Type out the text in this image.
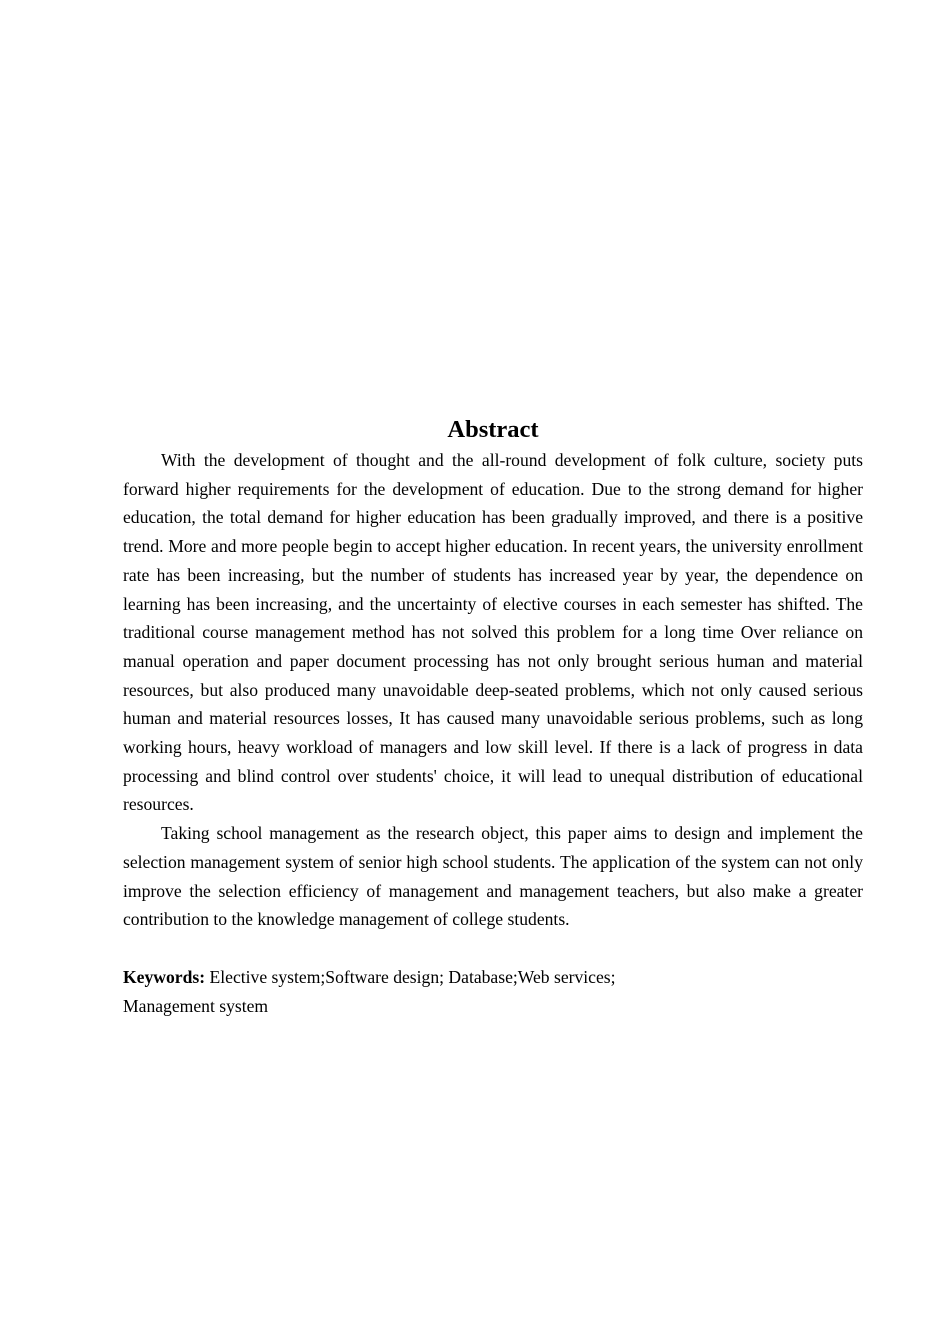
Abstract

With the development of thought and the all-round development of folk culture, society puts forward higher requirements for the development of education. Due to the strong demand for higher education, the total demand for higher education has been gradually improved, and there is a positive trend. More and more people begin to accept higher education. In recent years, the university enrollment rate has been increasing, but the number of students has increased year by year, the dependence on learning has been increasing, and the uncertainty of elective courses in each semester has shifted. The traditional course management method has not solved this problem for a long time Over reliance on manual operation and paper document processing has not only brought serious human and material resources, but also produced many unavoidable deep-seated problems, which not only caused serious human and material resources losses, It has caused many unavoidable serious problems, such as long working hours, heavy workload of managers and low skill level. If there is a lack of progress in data processing and blind control over students' choice, it will lead to unequal distribution of educational resources.

Taking school management as the research object, this paper aims to design and implement the selection management system of senior high school students. The application of the system can not only improve the selection efficiency of management and management teachers, but also make a greater contribution to the knowledge management of college students.

Keywords: Elective system;Software design; Database;Web services;
Management system
